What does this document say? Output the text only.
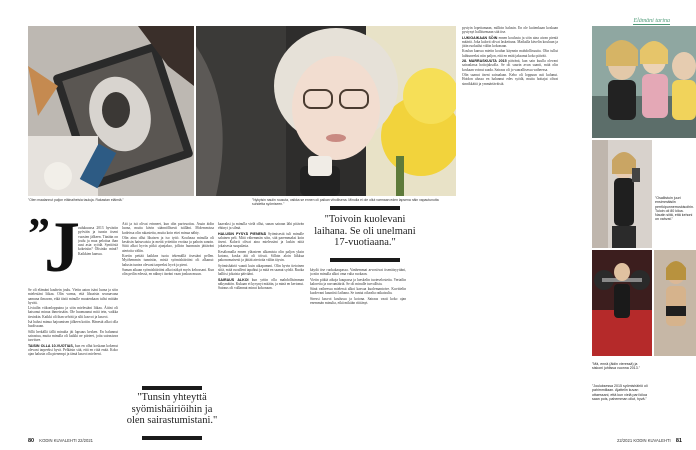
"Olen maalannut paljon eläinaiheisia tauluja. Rakastan eläimiä."	"Nykyisin naulin ruusuta, vaikka se ennen oli paikan vihollisena. Minulla ei ole ollut varmaan eden lapsena näin vapautunutta suhdetta syömiseen."
”
J

oulukuussa 2013 hyvästin pyöväin ja tunsin itseni vuosien jälkeen. Tänään on joulu ja mua pelottaa ihan uusi asia: syödä. Syntiöstä kokeisiin? Olisinko minä? Kaikkien kanssa.

Se oli elämäni kauhein joulu. Vietin aaton isäni luona ja söin mielestäni liikaa. Olin varma, että lihoaisin seuraavana aamuna ilmavan, eikä tästä minulle muutenkaan tulisi mitään hyvää.

Liviailin viikonloppuina ja söin mielestäni liikaa. Äitini oli katsonut minua ihmeissään. Ole huomaanut mitä tein, vaikka tiesinkin. Kaikki oli ihan selvää ja silti kasvoi ja kasvoi.

Isä halusi minua hajoamisen jälkeen kotiin. Hänestä alkoi olla huolissaan.

Sillä herkällä iällä minulta jäi lapsuus kesken. En halunnut sairastua, mutta minulla oli kaikki ne piirteet, joita sairastuva tarvitsee.

TAISIN OLLA 10-VUOTIAS, kun en ollut koskaan kokenut olevani tarpeeksi hyvä. Pelkäsin sitä, että en riitä enää. Koko ajan halusin olla pienempi ja tämä kasvoi mieleeni.

Äiti ja isä olivat erinneet, kun olin parivuotias. Asuin äidin luona, mutta kävin säännöllisesti isälläni. Molemmissa kodeissa olin rakastettu, mutta koin ettei minua nähty.

Olin aina ollut lihaisen ja iso tyttö. Koulussa minulla oli kesäisin haisuvaisia ja meitä yritettiin erottaa ja pahoin sanoin. Siitä alkoi hyvin pitkä ajanjakso, jolloin huomasin jättäväni aterioita väliin.

Koetin pettää kaikkea tuota tekemällä itsestäni pellen. Myöhemmin tunnistin, mistä syömishäiriöni oli alkanut: halusin tuntea olevani tarpeeksi hyvä ja pieni.

Saman aikaan syömishäiriöni alkoi näkyä myös kehossani. Kun olin peilin edessä, en nähnyt itseäni vaan jonkun muun.

"Tunsin yhteyttä syömishäiriöihin ja olen sairastumistani."

kaavaksi ja minulla vielä ollut, sanan sairaan lähi pitävän ehtinyt ja silmä.

HALUSIN PYSYÄ PIENENÄ Syömisestä tuli minulle salainen peli. Mitä vähemmän söin, sitä paremmaksi koin itseni. Kalorit olivat aina mielessäni ja laskin niitä jokaisesta suupalasta.

Kesälomalla ennen yläasteen alkamista olin paljon yksin kotona, koska äiti oli töissä. Silloin aloin liikkua pakonomaisesti ja jättää aterioita väliin täysin.

Syömishäiriö vaanii kuin aikapommi. Olin hyvin tietoinen siitä, mitä ruoalleni tapahtui ja mitä en saanut syödä. Ruoka hallitsi jokaista päivääni.

SAIRAUS ALKOI kun yritin olla mahdollisimman näkymätön. Kukaan ei kysynyt mitään, ja minä en kertonut. Sairaus oli vallannut minut kokonaan.

"Toivoin kuolevani laihana. Se oli unelmani 17-vuotiaana."

käydä itse ruokakaupassa. Vanhemmat arvostivat itsenäisyyttäni, ja niin minulla alkoi oma valta ruokaan.

Vietin pitkiä aikoja kaupassa ja lueskelin tuoteselosteita. Vertailin kaloreita ja rasvamääriä. Se oli minulle turvallista.

Siinä vaiheessa mielessä alkoi kasvaa kuolemantoive. Kuvittelin kuolevani kauniisti laihana. Se tuntui oikealta ratkaisulta.

Stressi kasvoi koulussa ja kotona. Sairaus vaati koko ajan enemmän minulta, eikä mikään riittänyt.

pystyin lopettamaan, milloin halusin. En ole kuitenkaan koskaan pystynyt hallitsemaan sitä itse.

LUKIOAIKAAN SÖIN ennen koulusta ja söin aina aivan pieniä määriä. Joka kalorit olivat laskettuna. Matkalla kävelin kouluun ja jätin ruokailut väliin kokonaan.

Koulun kanssa mietin koulun käynnin mahdollisuutta. Olin tullut laihtuneeksi niin paljon, että en enää jaksanut koko päivää.

28. MARRASKUUTA 2015 päivänä, kun sain kuulla olevani sairaalassa hoitojaksolla. Se oli suurin avun saanti, mitä olin koskaan voinut saada. Sairaus oli jo vaarallisessa vaiheessa.

Olin saanut itseni sairaalaan. Keho oli loppuun asti kulunut. Hoidon alussa en halunnut edes syödä, mutta hoitajat olivat sinnikkäitä ja ymmärtäväisiä.

Elämäni tarina
"Osallistuin juuri ensimmäisiin perrikipunnerruskisoihin. Tuloin oli 80 kiloa. Nautin siitä, että kehoni on vahvat."
"Mä, ennä (äidin vieressä) ja siskoni juhlissa vuonna 2013."
"Jouluksessa 2015 syömishäiriö oli pahimmillaan. Ajattelin kuvan ottaessani, että kun vielä pari kiloa saan pois, pahemman ollut, hyvä."
80 KODIN KUVALEHTI 22/2021	22/2021 KODIN KUVALEHTI 81
